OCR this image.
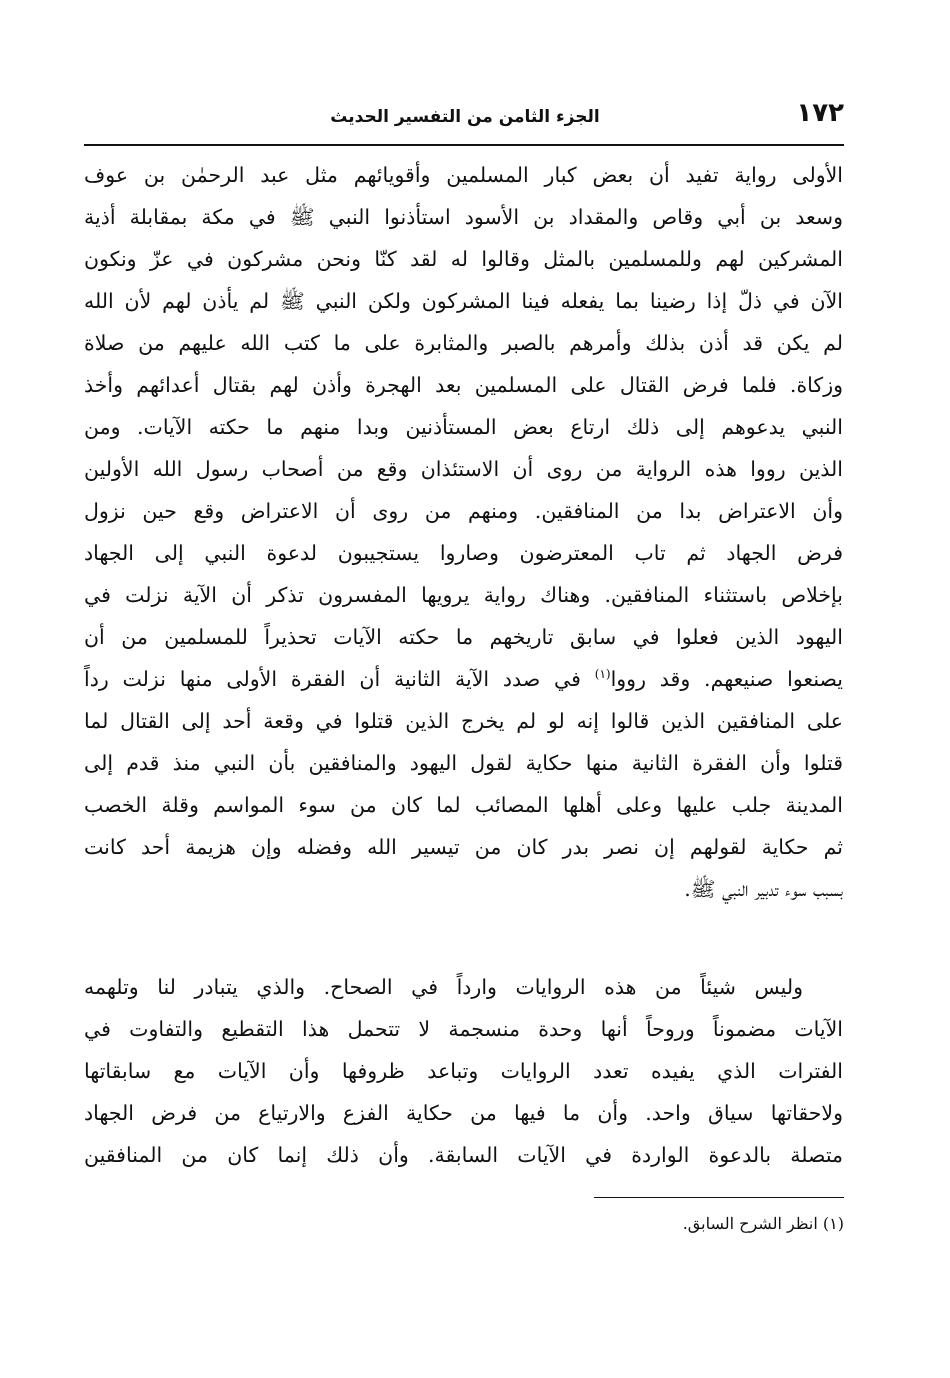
١٧٢
الجزء الثامن من التفسير الحديث
الأولى رواية تفيد أن بعض كبار المسلمين وأقويائهم مثل عبد الرحمٰن بن عوف
وسعد بن أبي وقاص والمقداد بن الأسود استأذنوا النبي ﷺ في مكة بمقابلة أذية
المشركين لهم وللمسلمين بالمثل وقالوا له لقد كنّا ونحن مشركون في عزّ ونكون
الآن في ذلّ إذا رضينا بما يفعله فينا المشركون ولكن النبي ﷺ لم يأذن لهم لأن الله
لم يكن قد أذن بذلك وأمرهم بالصبر والمثابرة على ما كتب الله عليهم من صلاة
وزكاة. فلما فرض القتال على المسلمين بعد الهجرة وأذن لهم بقتال أعدائهم وأخذ
النبي يدعوهم إلى ذلك ارتاع بعض المستأذنين وبدا منهم ما حكته الآيات. ومن
الذين رووا هذه الرواية من روى أن الاستئذان وقع من أصحاب رسول الله الأولين
وأن الاعتراض بدا من المنافقين. ومنهم من روى أن الاعتراض وقع حين نزول
فرض الجهاد ثم تاب المعترضون وصاروا يستجيبون لدعوة النبي إلى الجهاد
بإخلاص باستثناء المنافقين. وهناك رواية يرويها المفسرون تذكر أن الآية نزلت في
اليهود الذين فعلوا في سابق تاريخهم ما حكته الآيات تحذيراً للمسلمين من أن
يصنعوا صنيعهم. وقد رووا$^{(١)}$ في صدد الآية الثانية أن الفقرة الأولى منها نزلت رداً
على المنافقين الذين قالوا إنه لو لم يخرج الذين قتلوا في وقعة أحد إلى القتال لما
قتلوا وأن الفقرة الثانية منها حكاية لقول اليهود والمنافقين بأن النبي منذ قدم إلى
المدينة جلب عليها وعلى أهلها المصائب لما كان من سوء المواسم وقلة الخصب
ثم حكاية لقولهم إن نصر بدر كان من تيسير الله وفضله وإن هزيمة أحد كانت
بسبب سوء تدبير النبي ﷺ.
وليس شيئاً من هذه الروايات وارداً في الصحاح. والذي يتبادر لنا وتلهمه
الآيات مضموناً وروحاً أنها وحدة منسجمة لا تتحمل هذا التقطيع والتفاوت في
الفترات الذي يفيده تعدد الروايات وتباعد ظروفها وأن الآيات مع سابقاتها
ولاحقاتها سياق واحد. وأن ما فيها من حكاية الفزع والارتياع من فرض الجهاد
متصلة بالدعوة الواردة في الآيات السابقة. وأن ذلك إنما كان من المنافقين
(١) انظر الشرح السابق.
